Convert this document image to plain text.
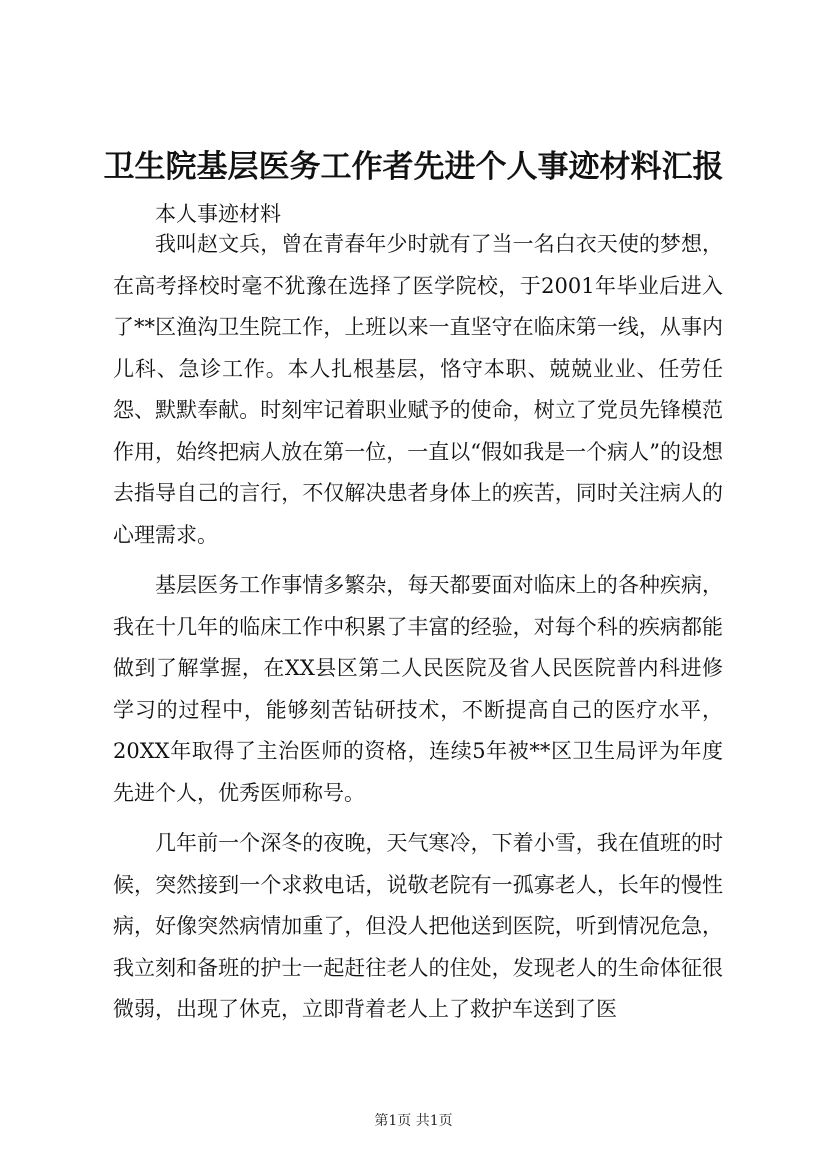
卫生院基层医务工作者先进个人事迹材料汇报
本人事迹材料

我叫赵文兵，曾在青春年少时就有了当一名白衣天使的梦想，在高考择校时毫不犹豫在选择了医学院校，于2001年毕业后进入了**区渔沟卫生院工作，上班以来一直坚守在临床第一线，从事内儿科、急诊工作。本人扎根基层，恪守本职、兢兢业业、任劳任怨、默默奉献。时刻牢记着职业赋予的使命，树立了党员先锋模范作用，始终把病人放在第一位，一直以“假如我是一个病人”的设想去指导自己的言行，不仅解决患者身体上的疾苦，同时关注病人的心理需求。

基层医务工作事情多繁杂，每天都要面对临床上的各种疾病，我在十几年的临床工作中积累了丰富的经验，对每个科的疾病都能做到了解掌握，在XX县区第二人民医院及省人民医院普内科进修学习的过程中，能够刻苦钻研技术，不断提高自己的医疗水平，20XX年取得了主治医师的资格，连续5年被**区卫生局评为年度先进个人，优秀医师称号。

几年前一个深冬的夜晚，天气寒冷，下着小雪，我在值班的时候，突然接到一个求救电话，说敬老院有一孤寡老人，长年的慢性病，好像突然病情加重了，但没人把他送到医院，听到情况危急，我立刻和备班的护士一起赶往老人的住处，发现老人的生命体征很微弱，出现了休克，立即背着老人上了救护车送到了医

第1页 共1页
